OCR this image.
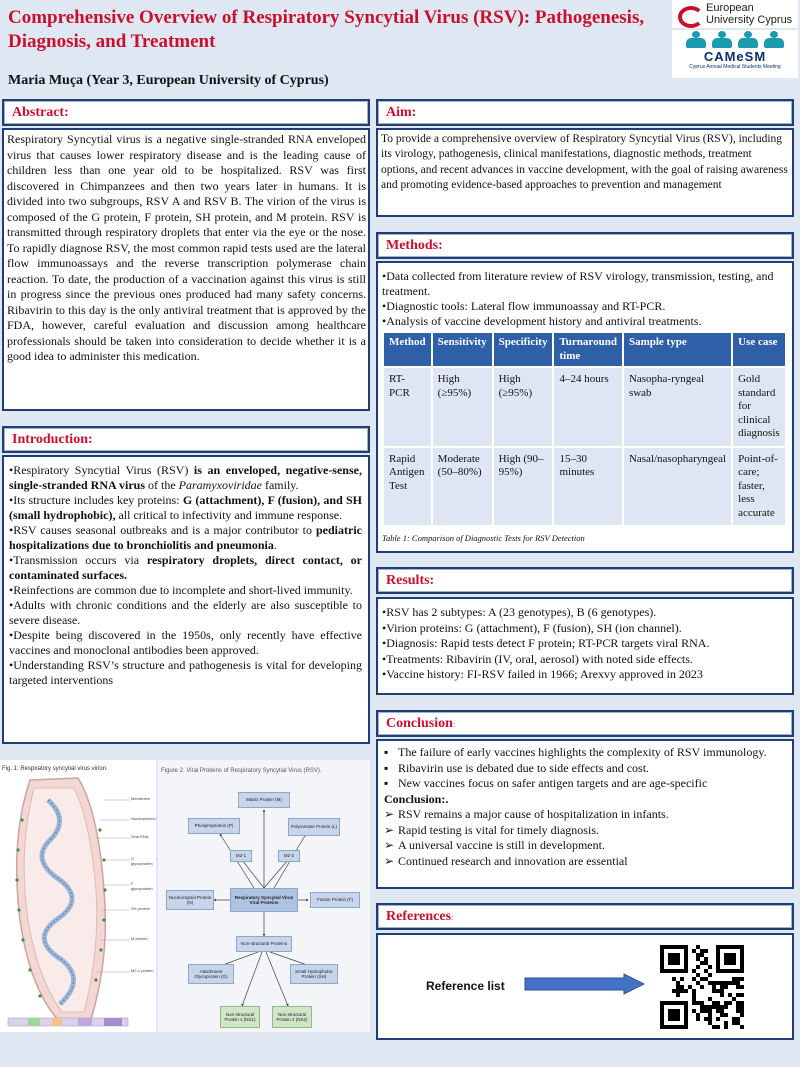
Comprehensive Overview of Respiratory Syncytial Virus (RSV): Pathogenesis, Diagnosis, and Treatment
Maria Muça (Year 3, European University of Cyprus)
European
University Cyprus
CAMeSM
Cyprus Annual Medical Students Meeting
Abstract:
Respiratory Syncytial virus is a negative single-stranded RNA enveloped virus that causes lower respiratory disease and is the leading cause of children less than one year old to be hospitalized. RSV was first discovered in Chimpanzees and then two years later in humans. It is divided into two subgroups, RSV A and RSV B. The virion of the virus is composed of the G protein, F protein, SH protein, and M protein. RSV is transmitted through respiratory droplets that enter via the eye or the nose. To rapidly diagnose RSV, the most common rapid tests used are the lateral flow immunoassays and the reverse transcription polymerase chain reaction. To date, the production of a vaccination against this virus is still in progress since the previous ones produced had many safety concerns. Ribavirin to this day is the only antiviral treatment that is approved by the FDA, however, careful evaluation and discussion among healthcare professionals should be taken into consideration to decide whether it is a good idea to administer this medication.
Aim:
To provide a comprehensive overview of Respiratory Syncytial Virus (RSV), including its virology, pathogenesis, clinical manifestations, diagnostic methods, treatment options, and recent advances in vaccine development, with the goal of raising awareness and promoting evidence-based approaches to prevention and management
Methods:
•Data collected from literature review of RSV virology, transmission, testing, and treatment.
•Diagnostic tools: Lateral flow immunoassay and RT-PCR.
•Analysis of vaccine development history and antiviral treatments.
Method	Sensitivity	Specificity	Turnaround time	Sample type	Use case
RT-PCR	High (≥95%)	High (≥95%)	4–24 hours	Nasopha-ryngeal swab	Gold standard for clinical diagnosis
Rapid Antigen Test	Moderate (50–80%)	High (90–95%)	15–30 minutes	Nasal/nasopharyngeal	Point-of-care; faster, less accurate
Table 1: Comparison of Diagnostic Tests for RSV Detection
Introduction:

•Respiratory Syncytial Virus (RSV) is an enveloped, negative-sense, single-stranded RNA virus of the Paramyxoviridae family.

•Its structure includes key proteins: G (attachment), F (fusion), and SH (small hydrophobic), all critical to infectivity and immune response.

•RSV causes seasonal outbreaks and is a major contributor to pediatric hospitalizations due to bronchiolitis and pneumonia.

•Transmission occurs via respiratory droplets, direct contact, or contaminated surfaces.

•Reinfections are common due to incomplete and short-lived immunity.

•Adults with chronic conditions and the elderly are also susceptible to severe disease.

•Despite being discovered in the 1950s, only recently have effective vaccines and monoclonal antibodies been approved.

•Understanding RSV’s structure and pathogenesis is vital for developing targeted interventions

Results:
•RSV has 2 subtypes: A (23 genotypes), B (6 genotypes).
•Virion proteins: G (attachment), F (fusion), SH (ion channel).
•Diagnosis: Rapid tests detect F protein; RT-PCR targets viral RNA.
•Treatments: Ribavirin (IV, oral, aerosol) with noted side effects.
•Vaccine history: FI-RSV failed in 1966; Arexvy approved in 2023
Conclusion:
▪ The failure of early vaccines highlights the complexity of RSV immunology.
▪ Ribavirin use is debated due to side effects and cost.
▪ New vaccines focus on safer antigen targets and are age-specific
Conclusion:.
➢ RSV remains a major cause of hospitalization in infants.
➢ Rapid testing is vital for timely diagnosis.
➢ A universal vaccine is still in development.
➢ Continued research and innovation are essential
References:
Reference list
Fig. 1: Respiratory syncytial virus virion.
Membrane
Nucleoprotein
Viral RNA
G glycoprotein
F glycoprotein
SH protein
M protein
M2-1 protein
Figure 2. Viral Proteins of Respiratory Syncytial Virus (RSV).
Matrix Protein (M)
Phosphoprotein (P)	Polymerase Protein (L)
M2-1	M2-2
Respiratory Syncytial Virus Viral Proteins
Nucleocapsid Protein (N)
Fusion Protein (F)
Non-structural Proteins
Attachment Glycoprotein (G)
Small Hydrophobic Protein (SH)
Non-structural Protein 1 (NS1)
Non-structural Protein 2 (NS2)
